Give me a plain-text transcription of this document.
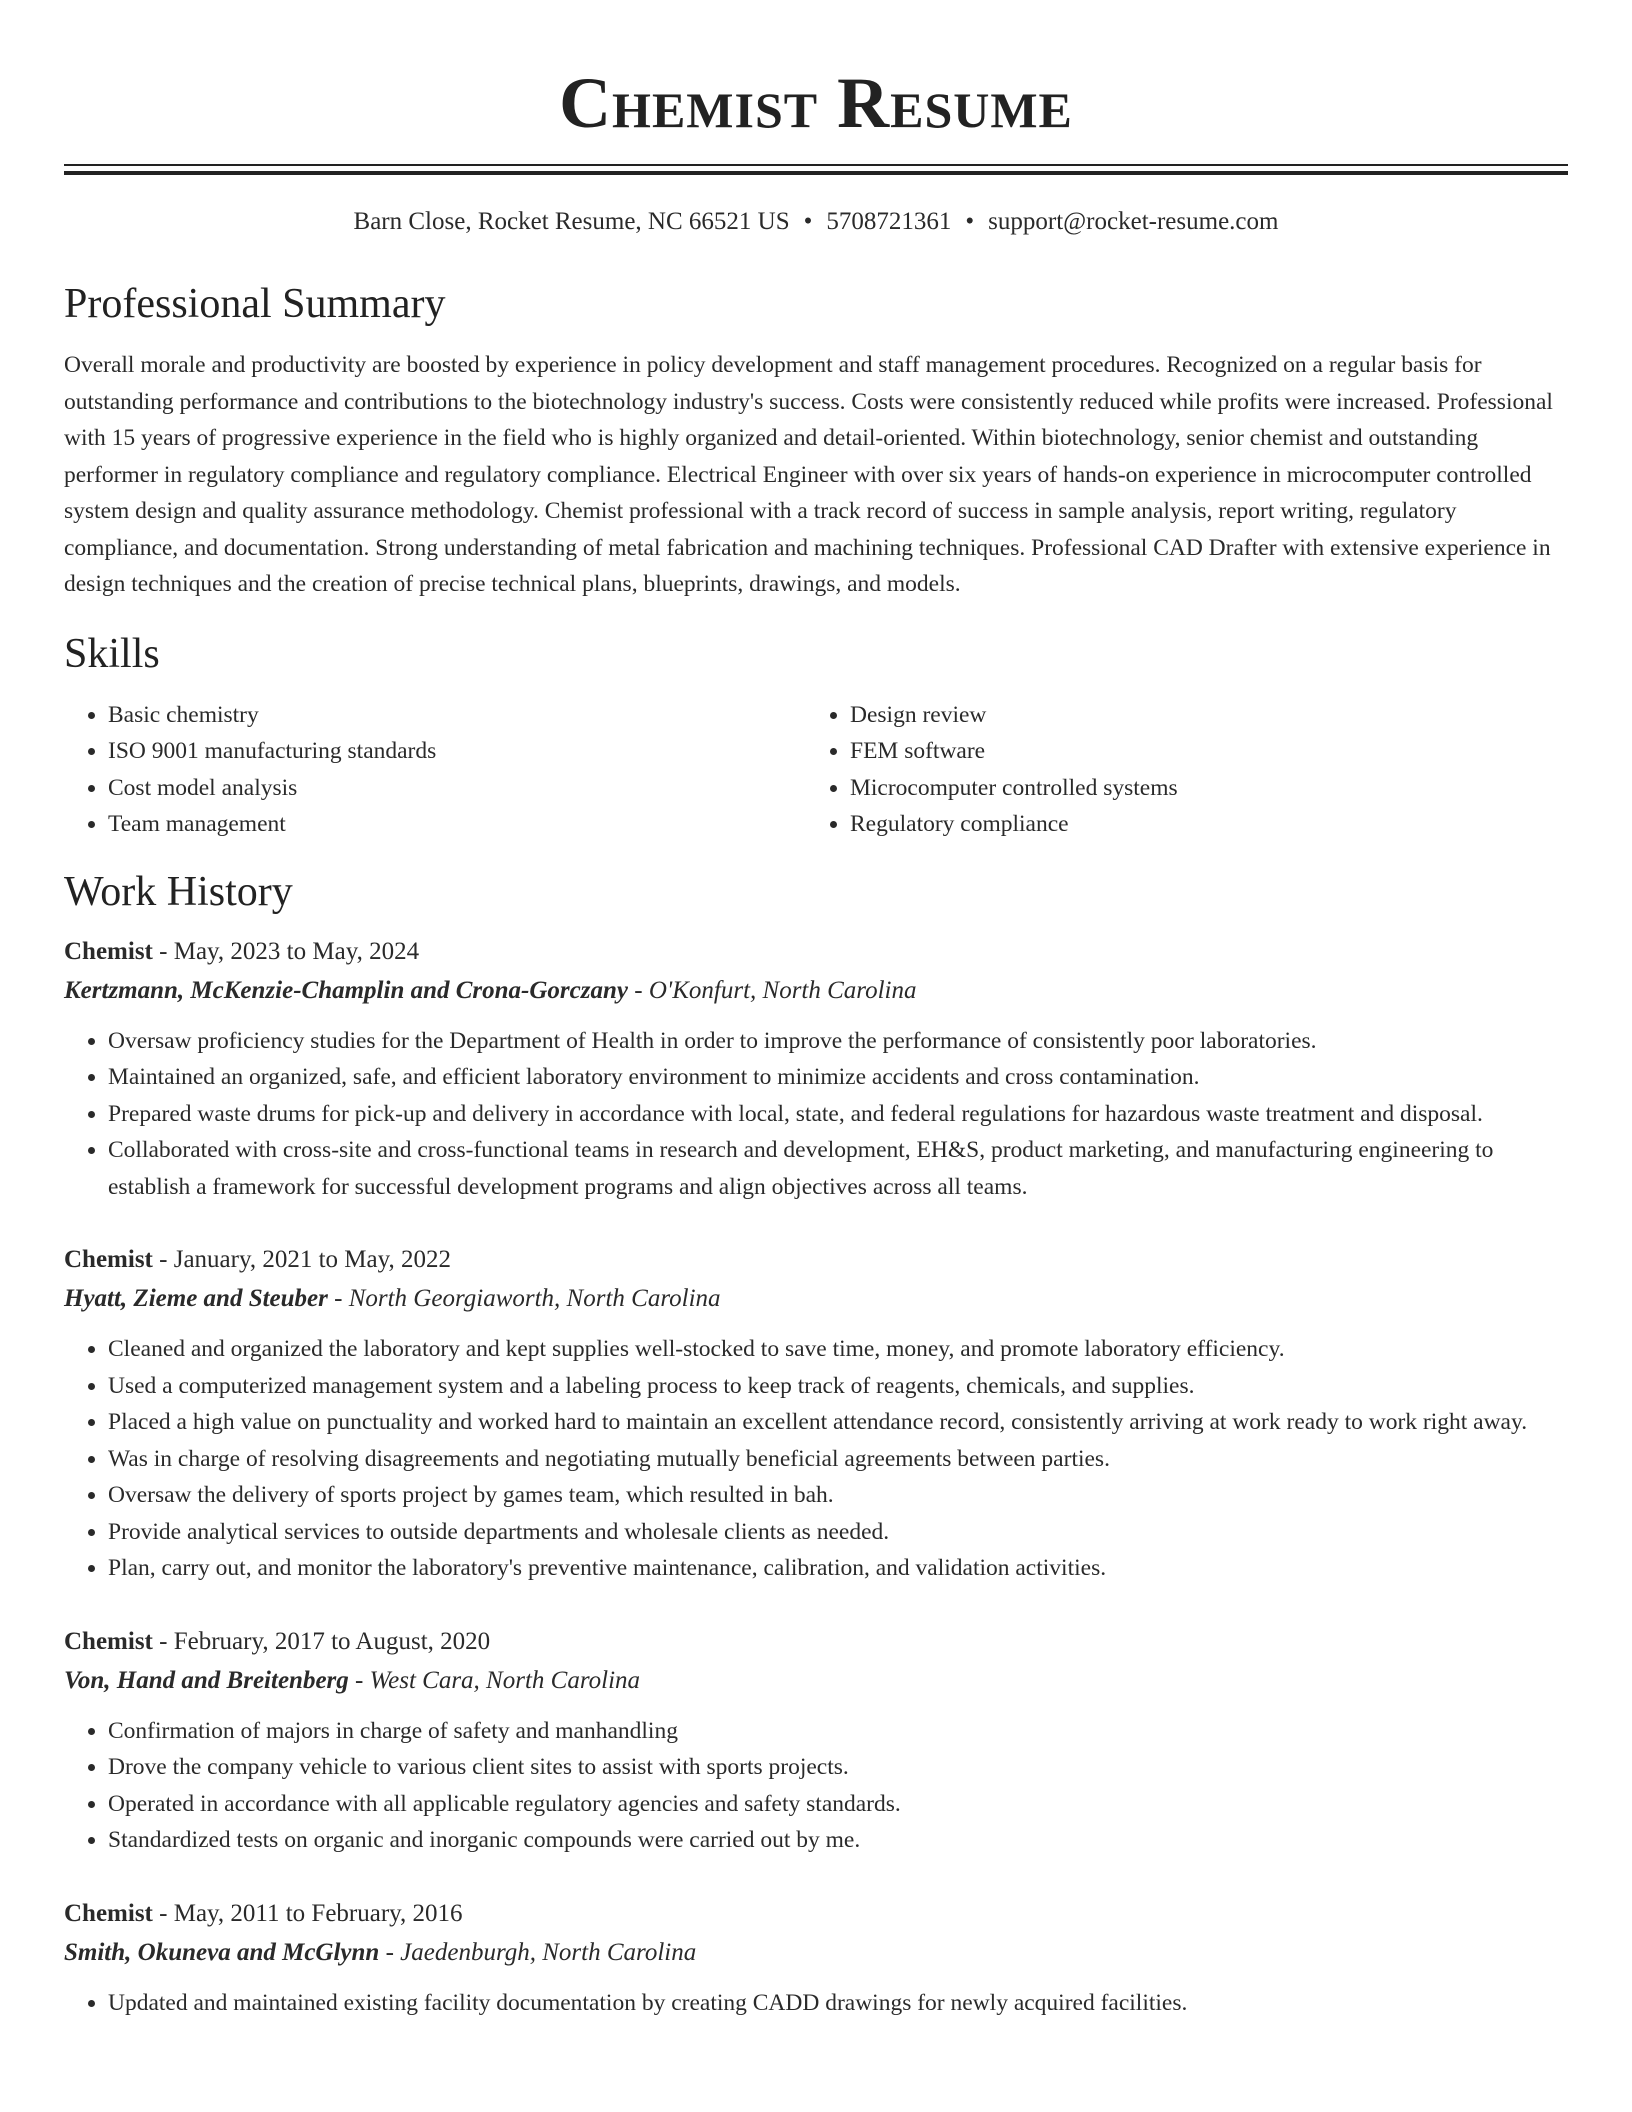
Chemist Resume
Barn Close, Rocket Resume, NC 66521 US • 5708721361 • support@rocket-resume.com
Professional Summary
Overall morale and productivity are boosted by experience in policy development and staff management procedures. Recognized on a regular basis for outstanding performance and contributions to the biotechnology industry's success. Costs were consistently reduced while profits were increased. Professional with 15 years of progressive experience in the field who is highly organized and detail-oriented. Within biotechnology, senior chemist and outstanding performer in regulatory compliance and regulatory compliance. Electrical Engineer with over six years of hands-on experience in microcomputer controlled system design and quality assurance methodology. Chemist professional with a track record of success in sample analysis, report writing, regulatory compliance, and documentation. Strong understanding of metal fabrication and machining techniques. Professional CAD Drafter with extensive experience in design techniques and the creation of precise technical plans, blueprints, drawings, and models.
Skills
• Basic chemistry
• ISO 9001 manufacturing standards
• Cost model analysis
• Team management
• Design review
• FEM software
• Microcomputer controlled systems
• Regulatory compliance
Work History
Chemist - May, 2023 to May, 2024
Kertzmann, McKenzie-Champlin and Crona-Gorczany - O'Konfurt, North Carolina
• Oversaw proficiency studies for the Department of Health in order to improve the performance of consistently poor laboratories.
• Maintained an organized, safe, and efficient laboratory environment to minimize accidents and cross contamination.
• Prepared waste drums for pick-up and delivery in accordance with local, state, and federal regulations for hazardous waste treatment and disposal.
• Collaborated with cross-site and cross-functional teams in research and development, EH&S, product marketing, and manufacturing engineering to establish a framework for successful development programs and align objectives across all teams.
Chemist - January, 2021 to May, 2022
Hyatt, Zieme and Steuber - North Georgiaworth, North Carolina
• Cleaned and organized the laboratory and kept supplies well-stocked to save time, money, and promote laboratory efficiency.
• Used a computerized management system and a labeling process to keep track of reagents, chemicals, and supplies.
• Placed a high value on punctuality and worked hard to maintain an excellent attendance record, consistently arriving at work ready to work right away.
• Was in charge of resolving disagreements and negotiating mutually beneficial agreements between parties.
• Oversaw the delivery of sports project by games team, which resulted in bah.
• Provide analytical services to outside departments and wholesale clients as needed.
• Plan, carry out, and monitor the laboratory's preventive maintenance, calibration, and validation activities.
Chemist - February, 2017 to August, 2020
Von, Hand and Breitenberg - West Cara, North Carolina
• Confirmation of majors in charge of safety and manhandling
• Drove the company vehicle to various client sites to assist with sports projects.
• Operated in accordance with all applicable regulatory agencies and safety standards.
• Standardized tests on organic and inorganic compounds were carried out by me.
Chemist - May, 2011 to February, 2016
Smith, Okuneva and McGlynn - Jaedenburgh, North Carolina
• Updated and maintained existing facility documentation by creating CADD drawings for newly acquired facilities.
